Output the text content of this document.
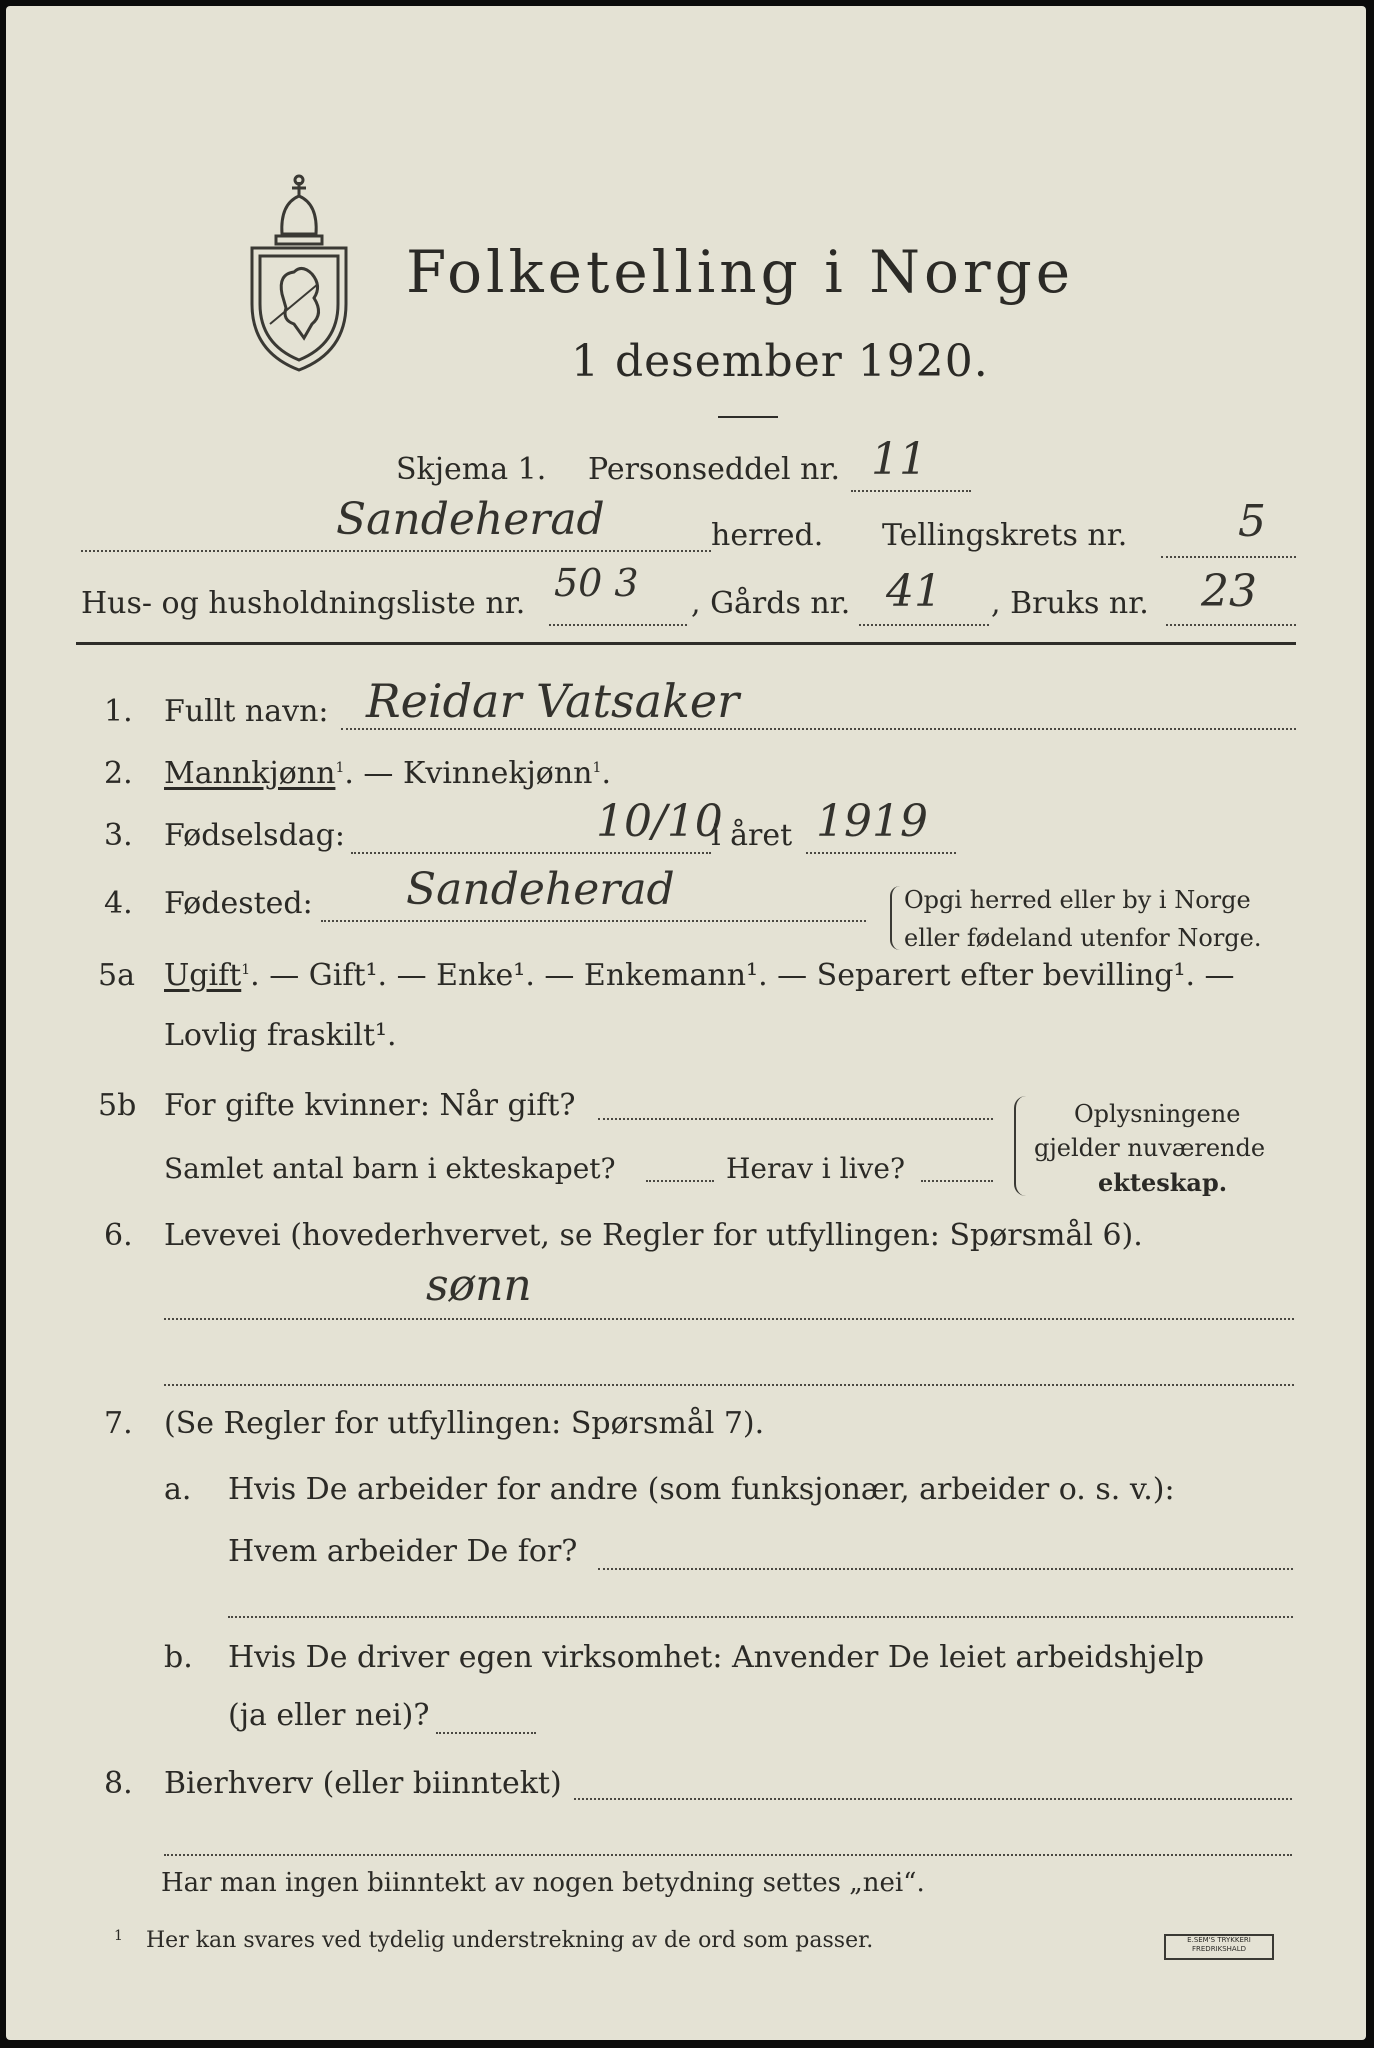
Folketelling i Norge
1 desember 1920.
Skjema 1. Personseddel nr. 11
Sandeherad	herred. Tellingskrets nr.	5
Hus- og husholdningsliste nr. 50 3 , Gårds nr. 41 , Bruks nr. 23
1. Fullt navn: Reidar Vatsaker
2. Mannkjønn$^1$. — Kvinnekjønn$^1$.
3. Fødselsdag:	10/10
i året 1919
4. Fødested: Sandeherad	Opgi herred eller by i Norge
eller fødeland utenfor Norge.
5a Ugift$^1$. — Gift¹. — Enke¹. — Enkemann¹. — Separert efter bevilling¹. —
Lovlig fraskilt¹.
5b For gifte kvinner: Når gift?
Samlet antal barn i ekteskapet?	Herav i live?
Oplysningene
gjelder nuværende
ekteskap.
6. Levevei (hovederhvervet, se Regler for utfyllingen: Spørsmål 6).
sønn
7. (Se Regler for utfyllingen: Spørsmål 7).
a. Hvis De arbeider for andre (som funksjonær, arbeider o. s. v.):
Hvem arbeider De for?
b. Hvis De driver egen virksomhet: Anvender De leiet arbeidshjelp
(ja eller nei)?
8. Bierhverv (eller biinntekt)
Har man ingen biinntekt av nogen betydning settes „nei“.
1 Her kan svares ved tydelig understrekning av de ord som passer.	E.SEM'S TRYKKERI
FREDRIKSHALD
